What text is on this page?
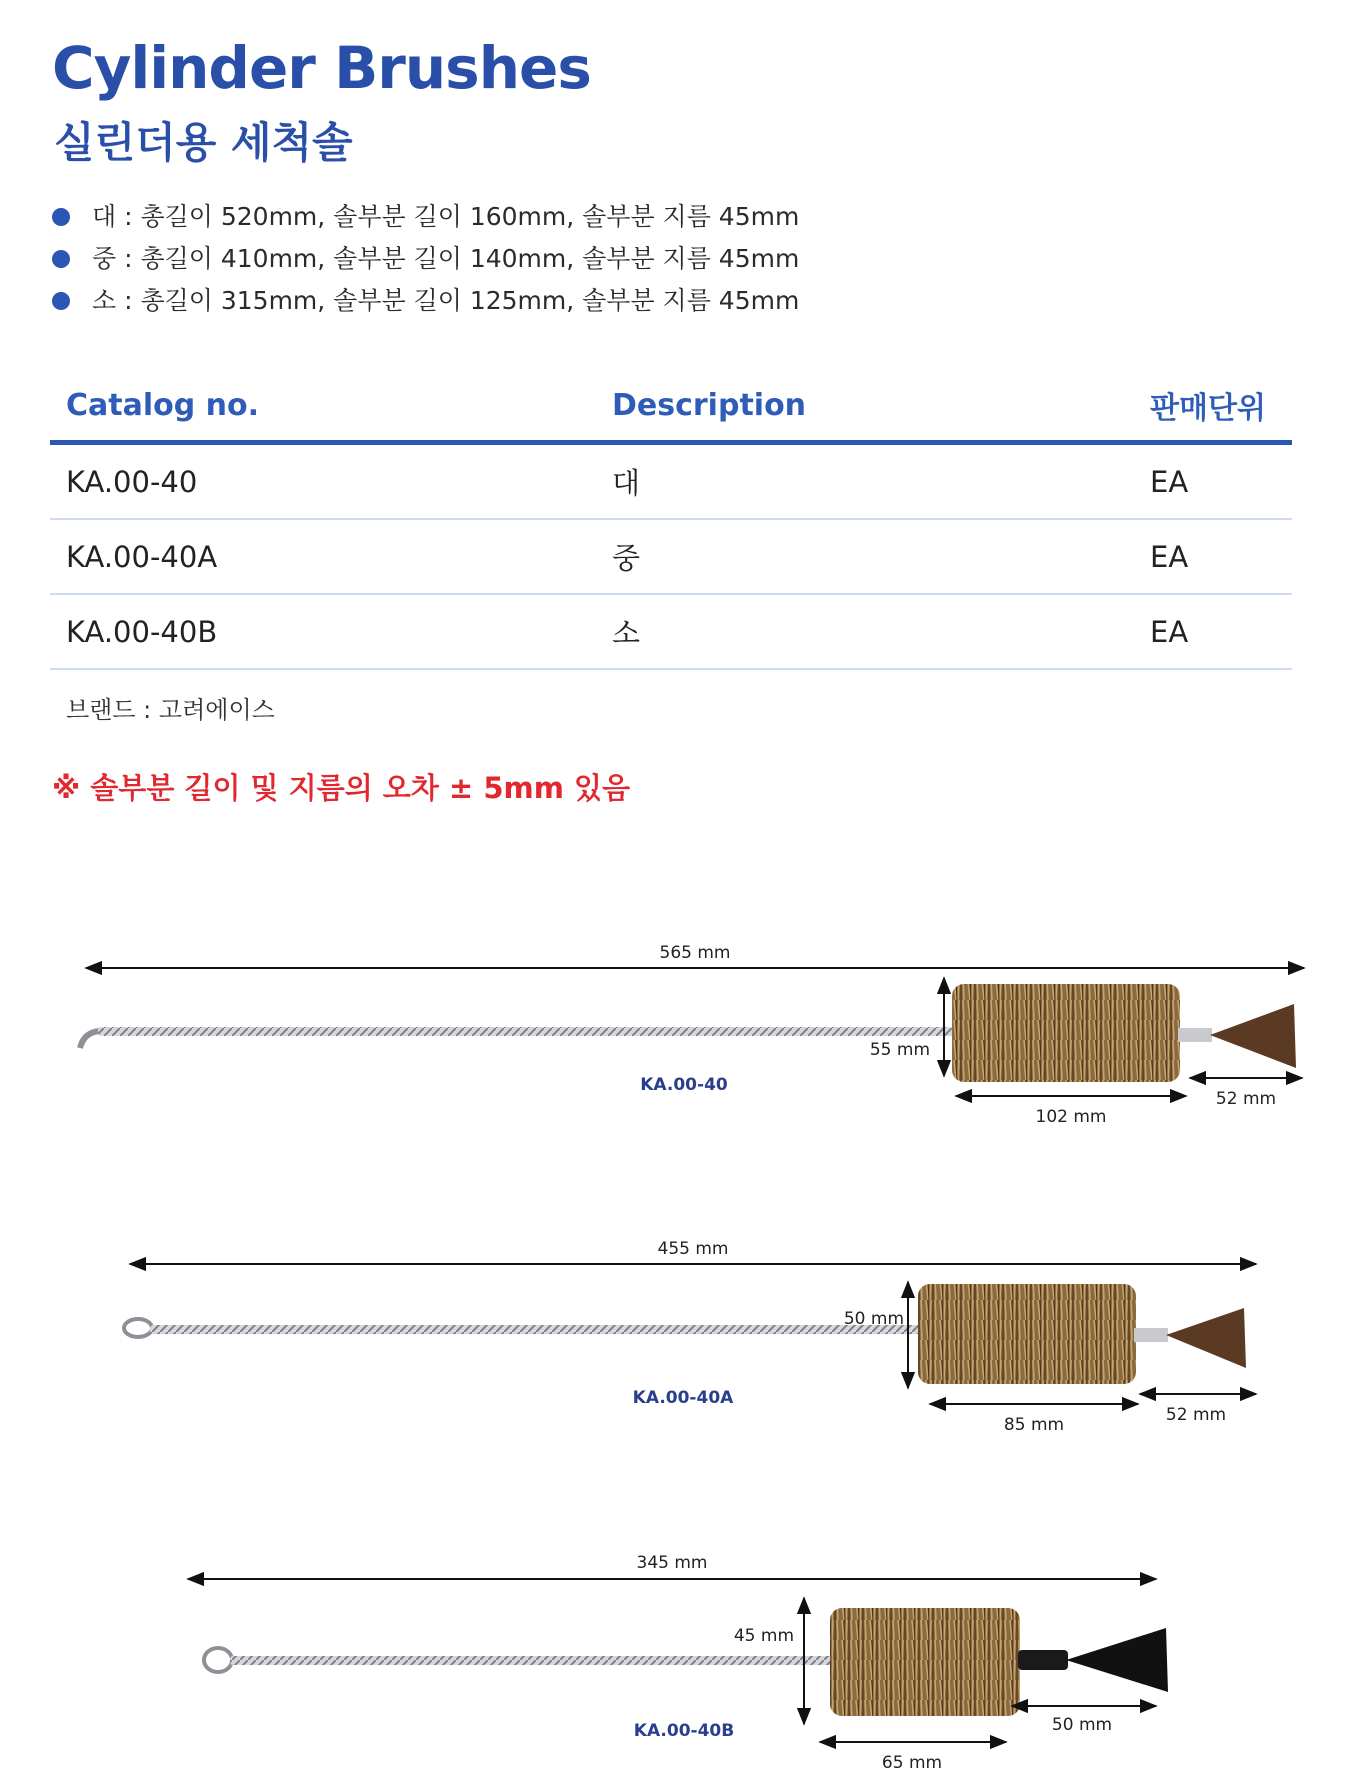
Cylinder Brushes
실린더용 세척솔
대 : 총길이 520mm, 솔부분 길이 160mm, 솔부분 지름 45mm
중 : 총길이 410mm, 솔부분 길이 140mm, 솔부분 지름 45mm
소 : 총길이 315mm, 솔부분 길이 125mm, 솔부분 지름 45mm
Catalog no.	Description	판매단위
KA.00-40	대	EA
KA.00-40A	중	EA
KA.00-40B	소	EA
브랜드 : 고려에이스
※ 솔부분 길이 및 지름의 오차 ± 5mm 있음
565 mm
55 mm
102 mm
52 mm
KA.00-40
455 mm
50 mm
85 mm	52 mm
KA.00-40A
345 mm
45 mm
65 mm
50 mm
KA.00-40B
